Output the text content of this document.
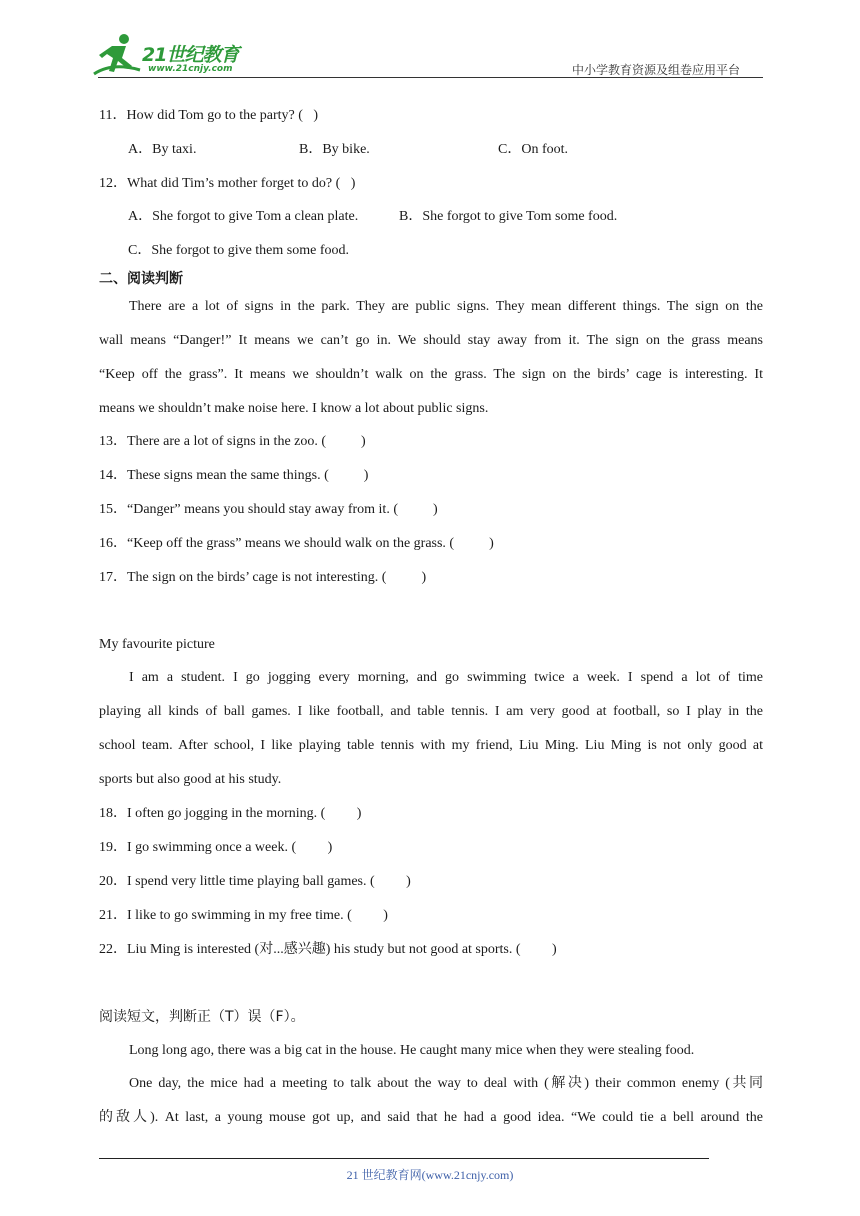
21世纪教育
www.21cnjy.com	中小学教育资源及组卷应用平台
11．How did Tom go to the party? (   )
A．By taxi.	B．By bike.	C．On foot.
12．What did Tim’s mother forget to do? (   )
A．She forgot to give Tom a clean plate.	B．She forgot to give Tom some food.
C．She forgot to give them some food.
二、阅读判断
There are a lot of signs in the park. They are public signs. They mean different things. The sign on the
wall means “Danger!” It means we can’t go in. We should stay away from it. The sign on the grass means
“Keep off the grass”. It means we shouldn’t walk on the grass. The sign on the birds’ cage is interesting. It
means we shouldn’t make noise here. I know a lot about public signs.
13．There are a lot of signs in the zoo. (          )
14．These signs mean the same things. (          )
15．“Danger” means you should stay away from it. (          )
16．“Keep off the grass” means we should walk on the grass. (          )
17．The sign on the birds’ cage is not interesting. (          )
My favourite picture
I am a student. I go jogging every morning, and go swimming twice a week. I spend a lot of time
playing all kinds of ball games. I like football, and table tennis. I am very good at football, so I play in the
school team. After school, I like playing table tennis with my friend, Liu Ming. Liu Ming is not only good at
sports but also good at his study.
18．I often go jogging in the morning. (         )
19．I go swimming once a week. (         )
20．I spend very little time playing ball games. (         )
21．I like to go swimming in my free time. (         )
22．Liu Ming is interested (对...感兴趣) his study but not good at sports. (         )
阅读短文，判断正（T）误（F）。
Long long ago, there was a big cat in the house. He caught many mice when they were stealing food.
One day, the mice had a meeting to talk about the way to deal with (解决) their common enemy (共同
的敌人). At last, a young mouse got up, and said that he had a good idea. “We could tie a bell around the
21 世纪教育网(www.21cnjy.com)
